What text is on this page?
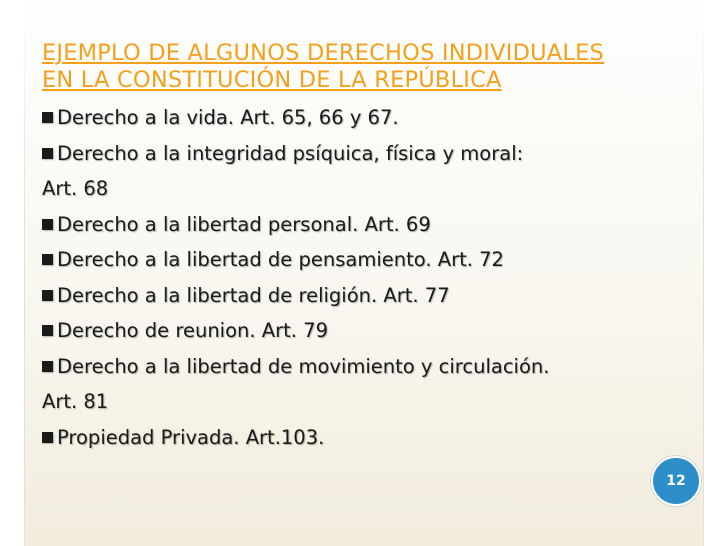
EJEMPLO DE ALGUNOS DERECHOS INDIVIDUALES
EN LA CONSTITUCIÓN DE LA REPÚBLICA
Derecho a la vida. Art. 65, 66 y 67.
Derecho a la integridad psíquica, física y moral:
Art. 68
Derecho a la libertad personal. Art. 69
Derecho a la libertad de pensamiento. Art. 72
Derecho a la libertad de religión. Art. 77
Derecho de reunion. Art. 79
Derecho a la libertad de movimiento y circulación.
Art. 81
Propiedad Privada. Art.103.
12
